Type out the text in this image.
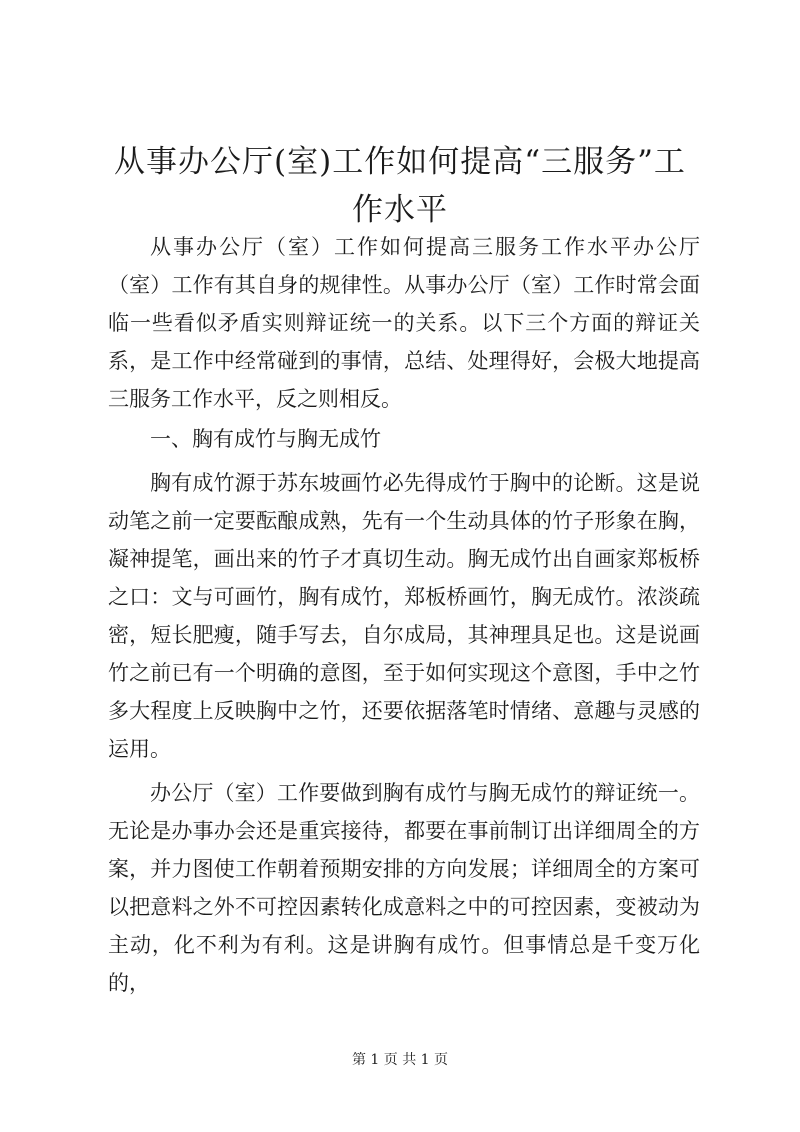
从事办公厅(室)工作如何提高“三服务”工作水平

从事办公厅（室）工作如何提高三服务工作水平办公厅（室）工作有其自身的规律性。从事办公厅（室）工作时常会面临一些看似矛盾实则辩证统一的关系。以下三个方面的辩证关系，是工作中经常碰到的事情，总结、处理得好，会极大地提高三服务工作水平，反之则相反。

一、胸有成竹与胸无成竹

胸有成竹源于苏东坡画竹必先得成竹于胸中的论断。这是说动笔之前一定要酝酿成熟，先有一个生动具体的竹子形象在胸，凝神提笔，画出来的竹子才真切生动。胸无成竹出自画家郑板桥之口：文与可画竹，胸有成竹，郑板桥画竹，胸无成竹。浓淡疏密，短长肥瘦，随手写去，自尔成局，其神理具足也。这是说画竹之前已有一个明确的意图，至于如何实现这个意图，手中之竹多大程度上反映胸中之竹，还要依据落笔时情绪、意趣与灵感的运用。

办公厅（室）工作要做到胸有成竹与胸无成竹的辩证统一。无论是办事办会还是重宾接待，都要在事前制订出详细周全的方案，并力图使工作朝着预期安排的方向发展；详细周全的方案可以把意料之外不可控因素转化成意料之中的可控因素，变被动为主动，化不利为有利。这是讲胸有成竹。但事情总是千变万化的，

第 1 页 共 1 页
